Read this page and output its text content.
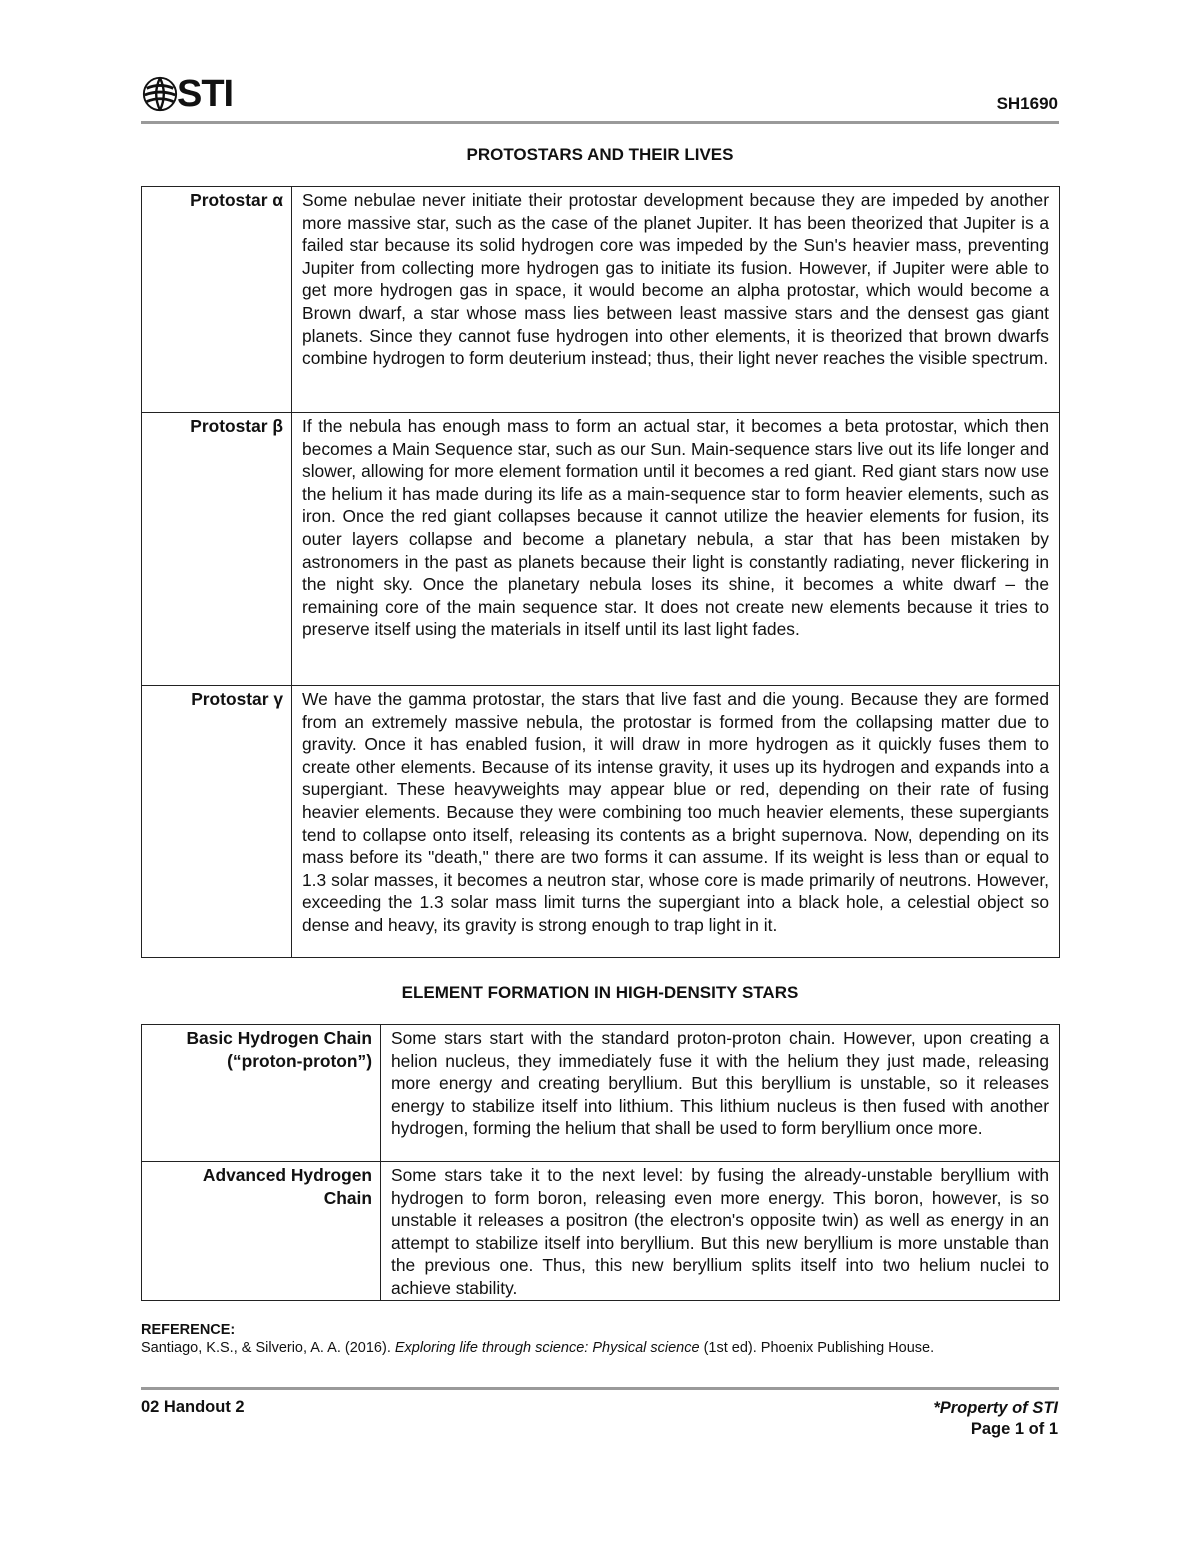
STI	SH1690
PROTOSTARS AND THEIR LIVES
Protostar α	Some nebulae never initiate their protostar development because they are impeded by another more massive star, such as the case of the planet Jupiter. It has been theorized that Jupiter is a failed star because its solid hydrogen core was impeded by the Sun's heavier mass, preventing Jupiter from collecting more hydrogen gas to initiate its fusion. However, if Jupiter were able to get more hydrogen gas in space, it would become an alpha protostar, which would become a Brown dwarf, a star whose mass lies between least massive stars and the densest gas giant planets. Since they cannot fuse hydrogen into other elements, it is theorized that brown dwarfs combine hydrogen to form deuterium instead; thus, their light never reaches the visible spectrum.
Protostar β	If the nebula has enough mass to form an actual star, it becomes a beta protostar, which then becomes a Main Sequence star, such as our Sun. Main-sequence stars live out its life longer and slower, allowing for more element formation until it becomes a red giant. Red giant stars now use the helium it has made during its life as a main-sequence star to form heavier elements, such as iron. Once the red giant collapses because it cannot utilize the heavier elements for fusion, its outer layers collapse and become a planetary nebula, a star that has been mistaken by astronomers in the past as planets because their light is constantly radiating, never flickering in the night sky. Once the planetary nebula loses its shine, it becomes a white dwarf – the remaining core of the main sequence star. It does not create new elements because it tries to preserve itself using the materials in itself until its last light fades.
Protostar γ	We have the gamma protostar, the stars that live fast and die young. Because they are formed from an extremely massive nebula, the protostar is formed from the collapsing matter due to gravity. Once it has enabled fusion, it will draw in more hydrogen as it quickly fuses them to create other elements. Because of its intense gravity, it uses up its hydrogen and expands into a supergiant. These heavyweights may appear blue or red, depending on their rate of fusing heavier elements. Because they were combining too much heavier elements, these supergiants tend to collapse onto itself, releasing its contents as a bright supernova. Now, depending on its mass before its "death," there are two forms it can assume. If its weight is less than or equal to 1.3 solar masses, it becomes a neutron star, whose core is made primarily of neutrons. However, exceeding the 1.3 solar mass limit turns the supergiant into a black hole, a celestial object so dense and heavy, its gravity is strong enough to trap light in it.
ELEMENT FORMATION IN HIGH-DENSITY STARS
Basic Hydrogen Chain
(“proton-proton”)	Some stars start with the standard proton-proton chain. However, upon creating a helion nucleus, they immediately fuse it with the helium they just made, releasing more energy and creating beryllium. But this beryllium is unstable, so it releases energy to stabilize itself into lithium. This lithium nucleus is then fused with another hydrogen, forming the helium that shall be used to form beryllium once more.

Advanced Hydrogen
Chain	Some stars take it to the next level: by fusing the already-unstable beryllium with hydrogen to form boron, releasing even more energy. This boron, however, is so unstable it releases a positron (the electron's opposite twin) as well as energy in an attempt to stabilize itself into beryllium. But this new beryllium is more unstable than the previous one. Thus, this new beryllium splits itself into two helium nuclei to achieve stability.
REFERENCE:
Santiago, K.S., & Silverio, A. A. (2016). Exploring life through science: Physical science (1st ed). Phoenix Publishing House.
02 Handout 2	*Property of STI
Page 1 of 1
